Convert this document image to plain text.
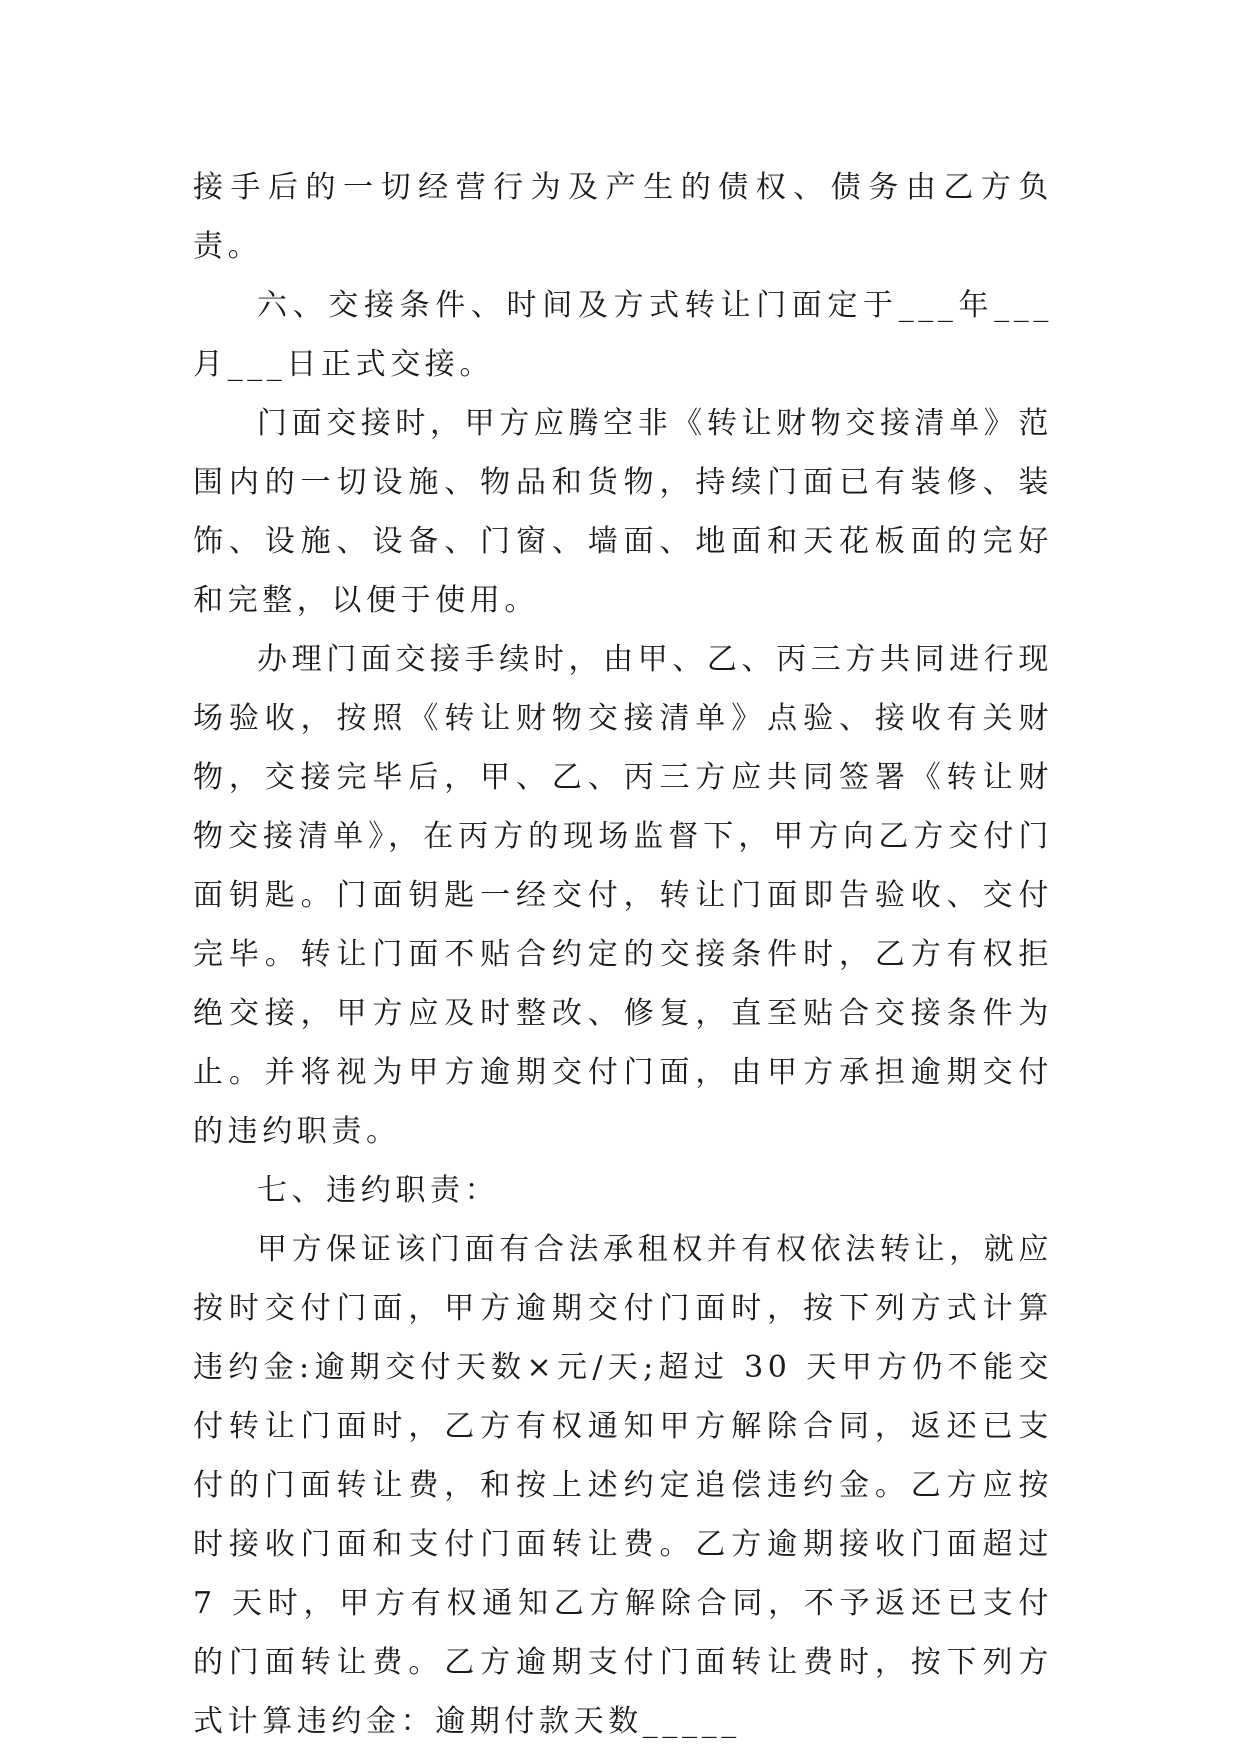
接手后的一切经营行为及产生的债权、债务由乙方负责。

六、交接条件、时间及方式转让门面定于___年___月___日正式交接。

门面交接时，甲方应腾空非《转让财物交接清单》范围内的一切设施、物品和货物，持续门面已有装修、装饰、设施、设备、门窗、墙面、地面和天花板面的完好和完整，以便于使用。

办理门面交接手续时，由甲、乙、丙三方共同进行现场验收，按照《转让财物交接清单》点验、接收有关财物，交接完毕后，甲、乙、丙三方应共同签署《转让财物交接清单》，在丙方的现场监督下，甲方向乙方交付门面钥匙。门面钥匙一经交付，转让门面即告验收、交付完毕。转让门面不贴合约定的交接条件时，乙方有权拒绝交接，甲方应及时整改、修复，直至贴合交接条件为止。并将视为甲方逾期交付门面，由甲方承担逾期交付的违约职责。

七、违约职责：

甲方保证该门面有合法承租权并有权依法转让，就应按时交付门面，甲方逾期交付门面时，按下列方式计算违约金:逾期交付天数×元/天;超过 30 天甲方仍不能交付转让门面时，乙方有权通知甲方解除合同，返还已支付的门面转让费，和按上述约定追偿违约金。乙方应按时接收门面和支付门面转让费。乙方逾期接收门面超过 7 天时，甲方有权通知乙方解除合同，不予返还已支付的门面转让费。乙方逾期支付门面转让费时，按下列方式计算违约金：逾期付款天数_____
